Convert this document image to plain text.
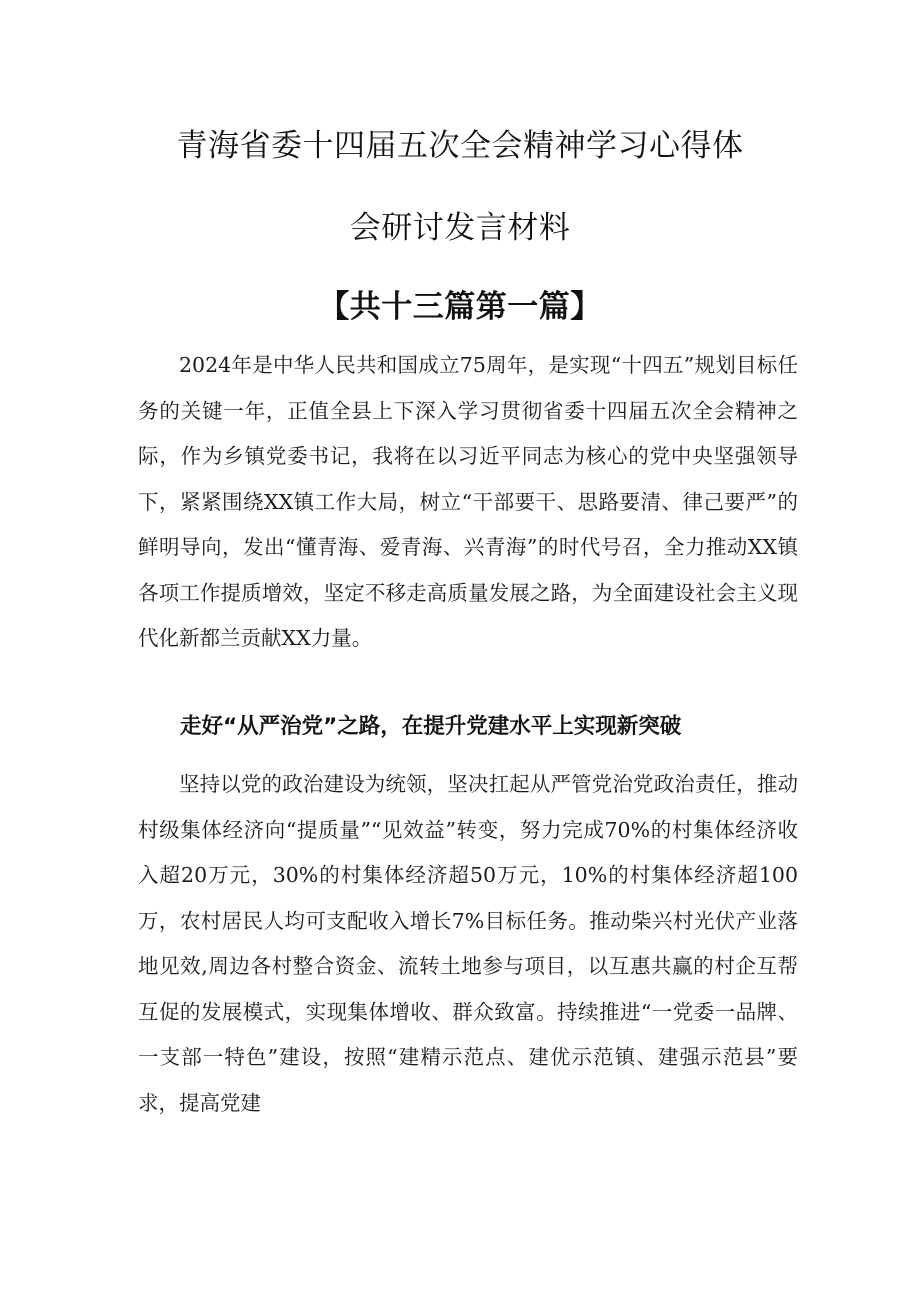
青海省委十四届五次全会精神学习心得体
会研讨发言材料
【共十三篇第一篇】

2024年是中华人民共和国成立75周年，是实现“十四五”规划目标任务的关键一年，正值全县上下深入学习贯彻省委十四届五次全会精神之际，作为乡镇党委书记，我将在以习近平同志为核心的党中央坚强领导下，紧紧围绕XX镇工作大局，树立“干部要干、思路要清、律己要严”的鲜明导向，发出“懂青海、爱青海、兴青海”的时代号召，全力推动XX镇各项工作提质增效，坚定不移走高质量发展之路，为全面建设社会主义现代化新都兰贡献XX力量。

走好“从严治党”之路，在提升党建水平上实现新突破

坚持以党的政治建设为统领，坚决扛起从严管党治党政治责任，推动村级集体经济向“提质量”“见效益”转变，努力完成70%的村集体经济收入超20万元，30%的村集体经济超50万元，10%的村集体经济超100万，农村居民人均可支配收入增长7%目标任务。推动柴兴村光伏产业落地见效,周边各村整合资金、流转土地参与项目，以互惠共赢的村企互帮互促的发展模式，实现集体增收、群众致富。持续推进“一党委一品牌、一支部一特色”建设，按照“建精示范点、建优示范镇、建强示范县”要求，提高党建
